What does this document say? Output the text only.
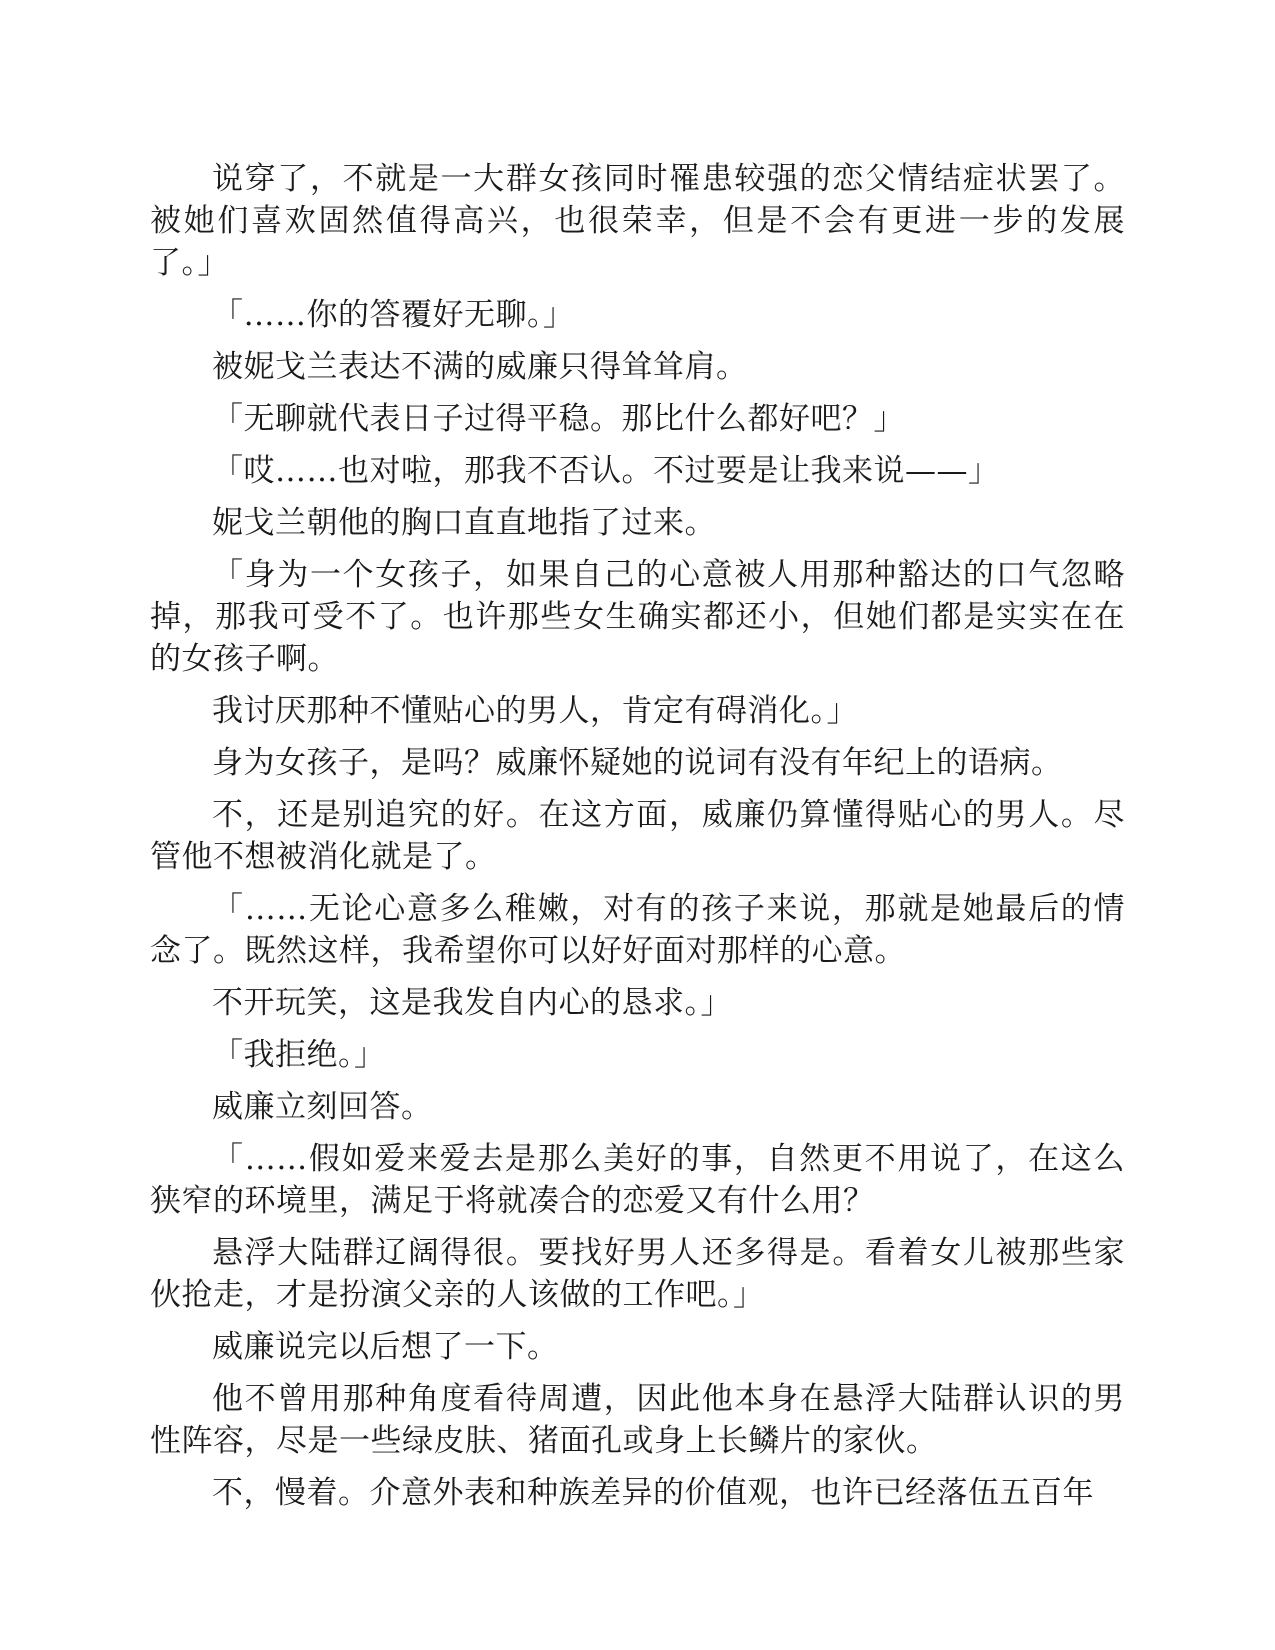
说穿了，不就是一大群女孩同时罹患较强的恋父情结症状罢了。被她们喜欢固然值得高兴，也很荣幸，但是不会有更进一步的发展了。」

「……你的答覆好无聊。」

被妮戈兰表达不满的威廉只得耸耸肩。

「无聊就代表日子过得平稳。那比什么都好吧？」

「哎……也对啦，那我不否认。不过要是让我来说——」

妮戈兰朝他的胸口直直地指了过来。

「身为一个女孩子，如果自己的心意被人用那种豁达的口气忽略掉，那我可受不了。也许那些女生确实都还小，但她们都是实实在在的女孩子啊。

我讨厌那种不懂贴心的男人，肯定有碍消化。」

身为女孩子，是吗？威廉怀疑她的说词有没有年纪上的语病。

不，还是别追究的好。在这方面，威廉仍算懂得贴心的男人。尽管他不想被消化就是了。

「……无论心意多么稚嫩，对有的孩子来说，那就是她最后的情念了。既然这样，我希望你可以好好面对那样的心意。

不开玩笑，这是我发自内心的恳求。」

「我拒绝。」

威廉立刻回答。

「……假如爱来爱去是那么美好的事，自然更不用说了，在这么狭窄的环境里，满足于将就凑合的恋爱又有什么用？

悬浮大陆群辽阔得很。要找好男人还多得是。看着女儿被那些家伙抢走，才是扮演父亲的人该做的工作吧。」

威廉说完以后想了一下。

他不曾用那种角度看待周遭，因此他本身在悬浮大陆群认识的男性阵容，尽是一些绿皮肤、猪面孔或身上长鳞片的家伙。

不，慢着。介意外表和种族差异的价值观，也许已经落伍五百年
